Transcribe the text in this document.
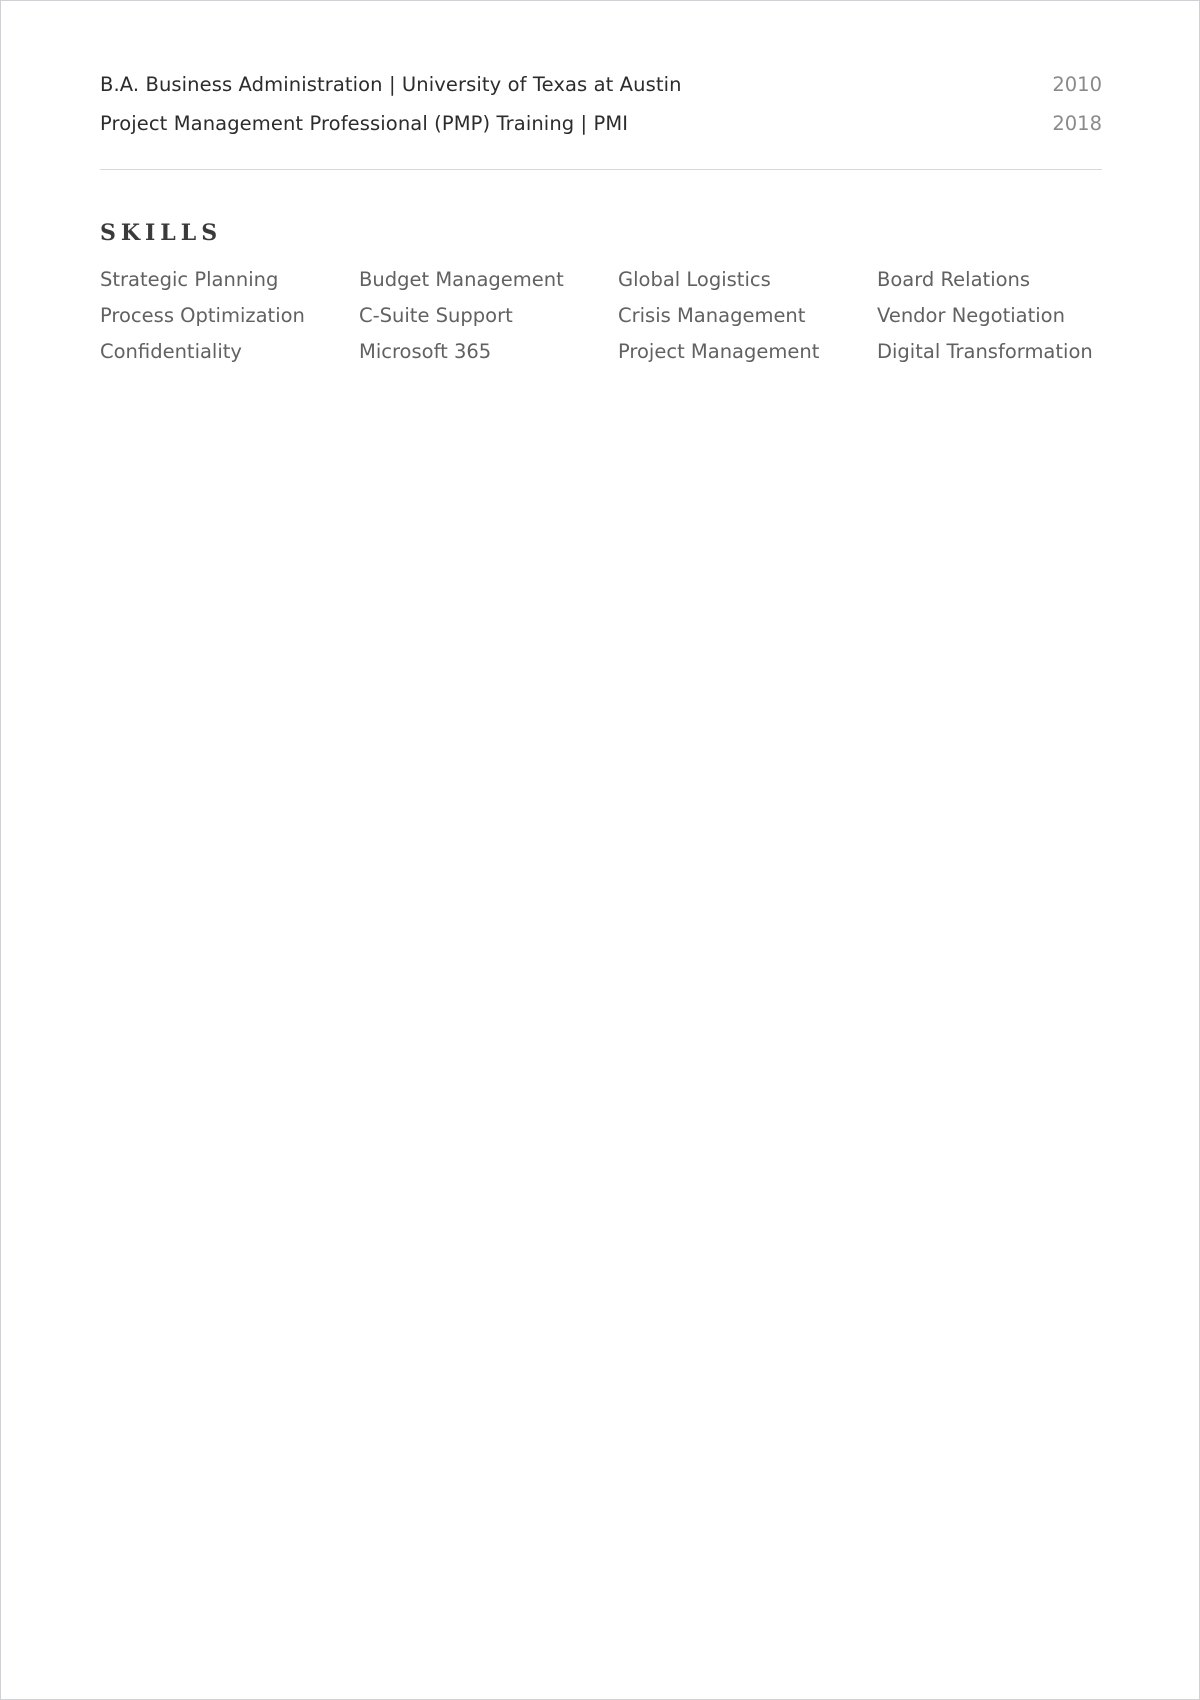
B.A. Business Administration | University of Texas at Austin	2010
Project Management Professional (PMP) Training | PMI	2018
SKILLS
Strategic Planning	Budget Management	Global Logistics	Board Relations
Process Optimization	C-Suite Support	Crisis Management	Vendor Negotiation
Confidentiality	Microsoft 365	Project Management	Digital Transformation
